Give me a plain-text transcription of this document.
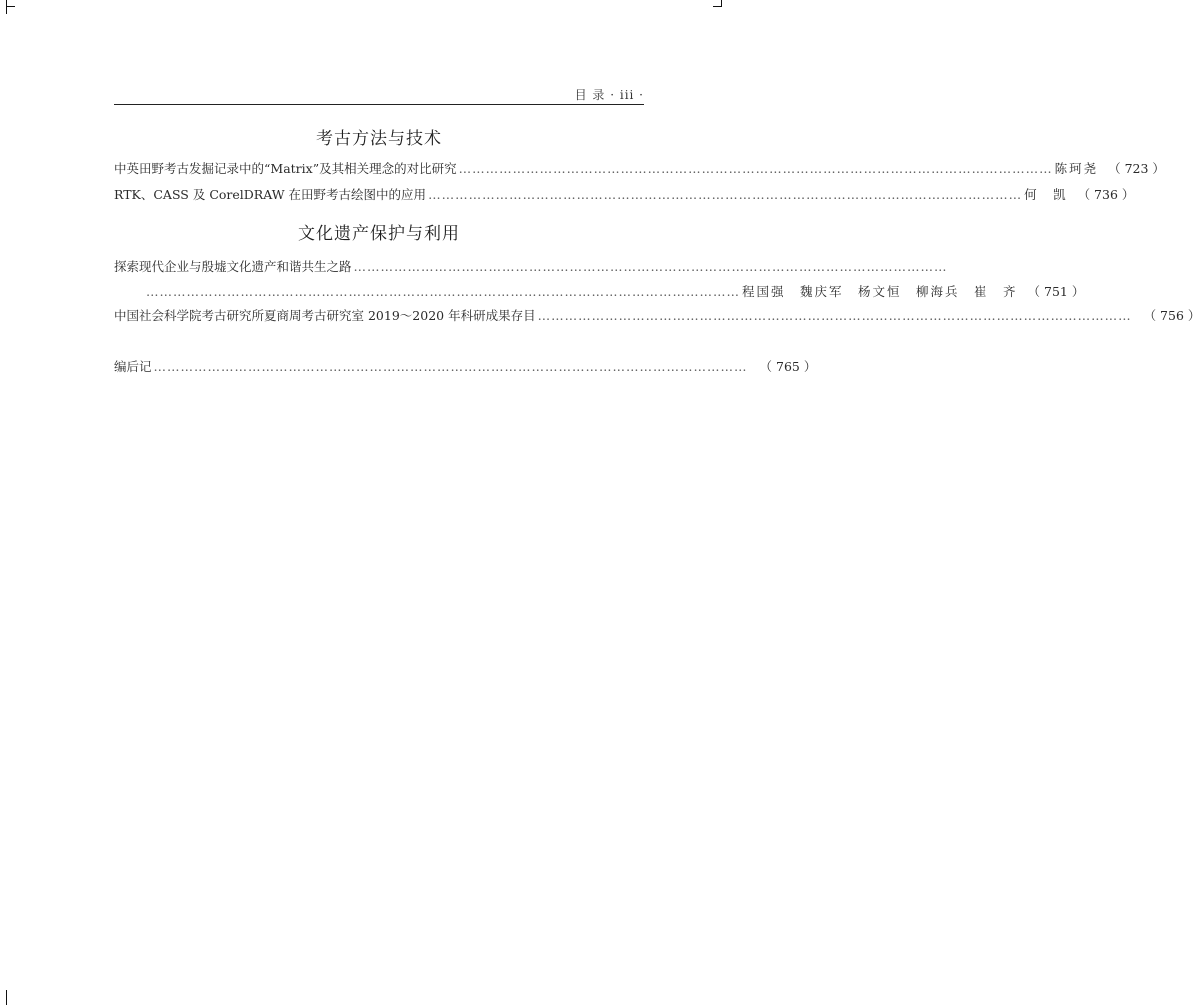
目 录 · iii ·
考古方法与技术
中英田野考古发掘记录中的“Matrix”及其相关理念的对比研究 …………………………………………………………………………………………………………………… 陈珂尧 （ 723 ）
RTK、CASS 及 CorelDRAW 在田野考古绘图中的应用 …………………………………………………………………………………………………………………… 何　凯 （ 736 ）
文化遗产保护与利用
探索现代企业与殷墟文化遗产和谐共生之路 ……………………………………………………………………………………………………………………
…………………………………………………………………………………………………………………… 程国强　魏庆军　杨文恒　柳海兵　崔　齐 （ 751 ）
中国社会科学院考古研究所夏商周考古研究室 2019～2020 年科研成果存目 …………………………………………………………………………………………………………………… （ 756 ）
编后记 …………………………………………………………………………………………………………………… （ 765 ）
